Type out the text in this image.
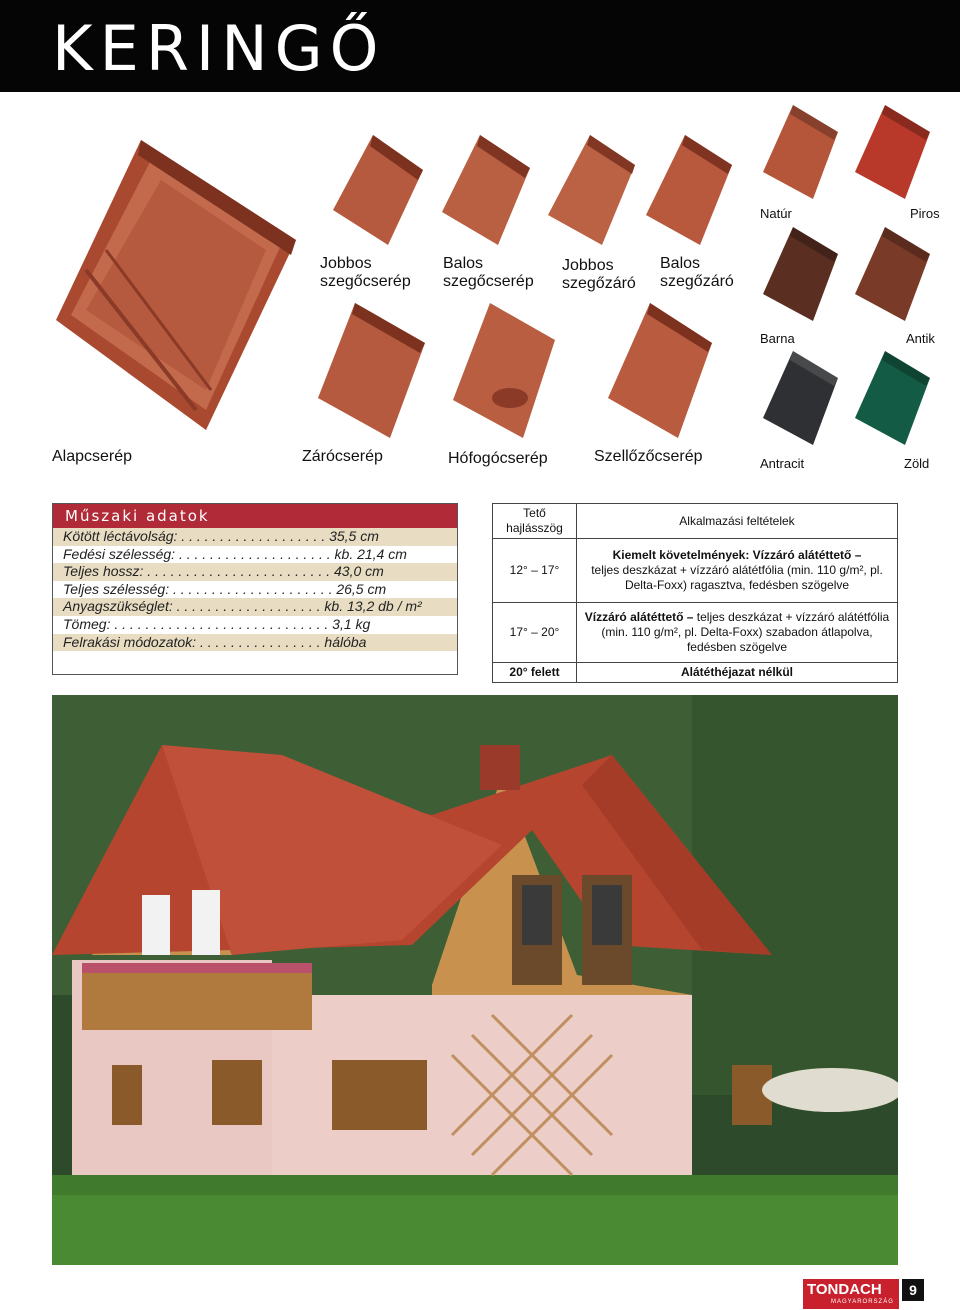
KERINGŐ
Alapcserép
Jobbos szegőcserép
Balos szegőcserép
Jobbos szegőzáró
Balos szegőzáró
Zárócserép	Hófogócserép	Szellőzőcserép
Natúr	Piros
Barna	Antik
Antracit	Zöld
Műszaki adatok
Kötött léctávolság: . . . . . . . . . . . . . . . . . . . 35,5 cm
Fedési szélesség: . . . . . . . . . . . . . . . . . . . . kb. 21,4 cm
Teljes hossz: . . . . . . . . . . . . . . . . . . . . . . . . 43,0 cm
Teljes szélesség: . . . . . . . . . . . . . . . . . . . . . 26,5 cm
Anyagszükséglet: . . . . . . . . . . . . . . . . . . . kb. 13,2 db / m²
Tömeg: . . . . . . . . . . . . . . . . . . . . . . . . . . . . 3,1 kg
Felrakási módozatok: . . . . . . . . . . . . . . . . hálóba
Tető hajlásszög	Alkalmazási feltételek
12° – 17°	Kiemelt követelmények: Vízzáró alátéttető –
teljes deszkázat + vízzáró alátétfólia (min. 110 g/m², pl. Delta-Foxx) ragasztva, fedésben szögelve

17° – 20°	Vízzáró alátéttető – teljes deszkázat + vízzáró alátétfólia (min. 110 g/m², pl. Delta-Foxx) szabadon átlapolva, fedésben szögelve

20° felett	Alátéthéjazat nélkül
TONDACH
MAGYARORSZÁG
9
